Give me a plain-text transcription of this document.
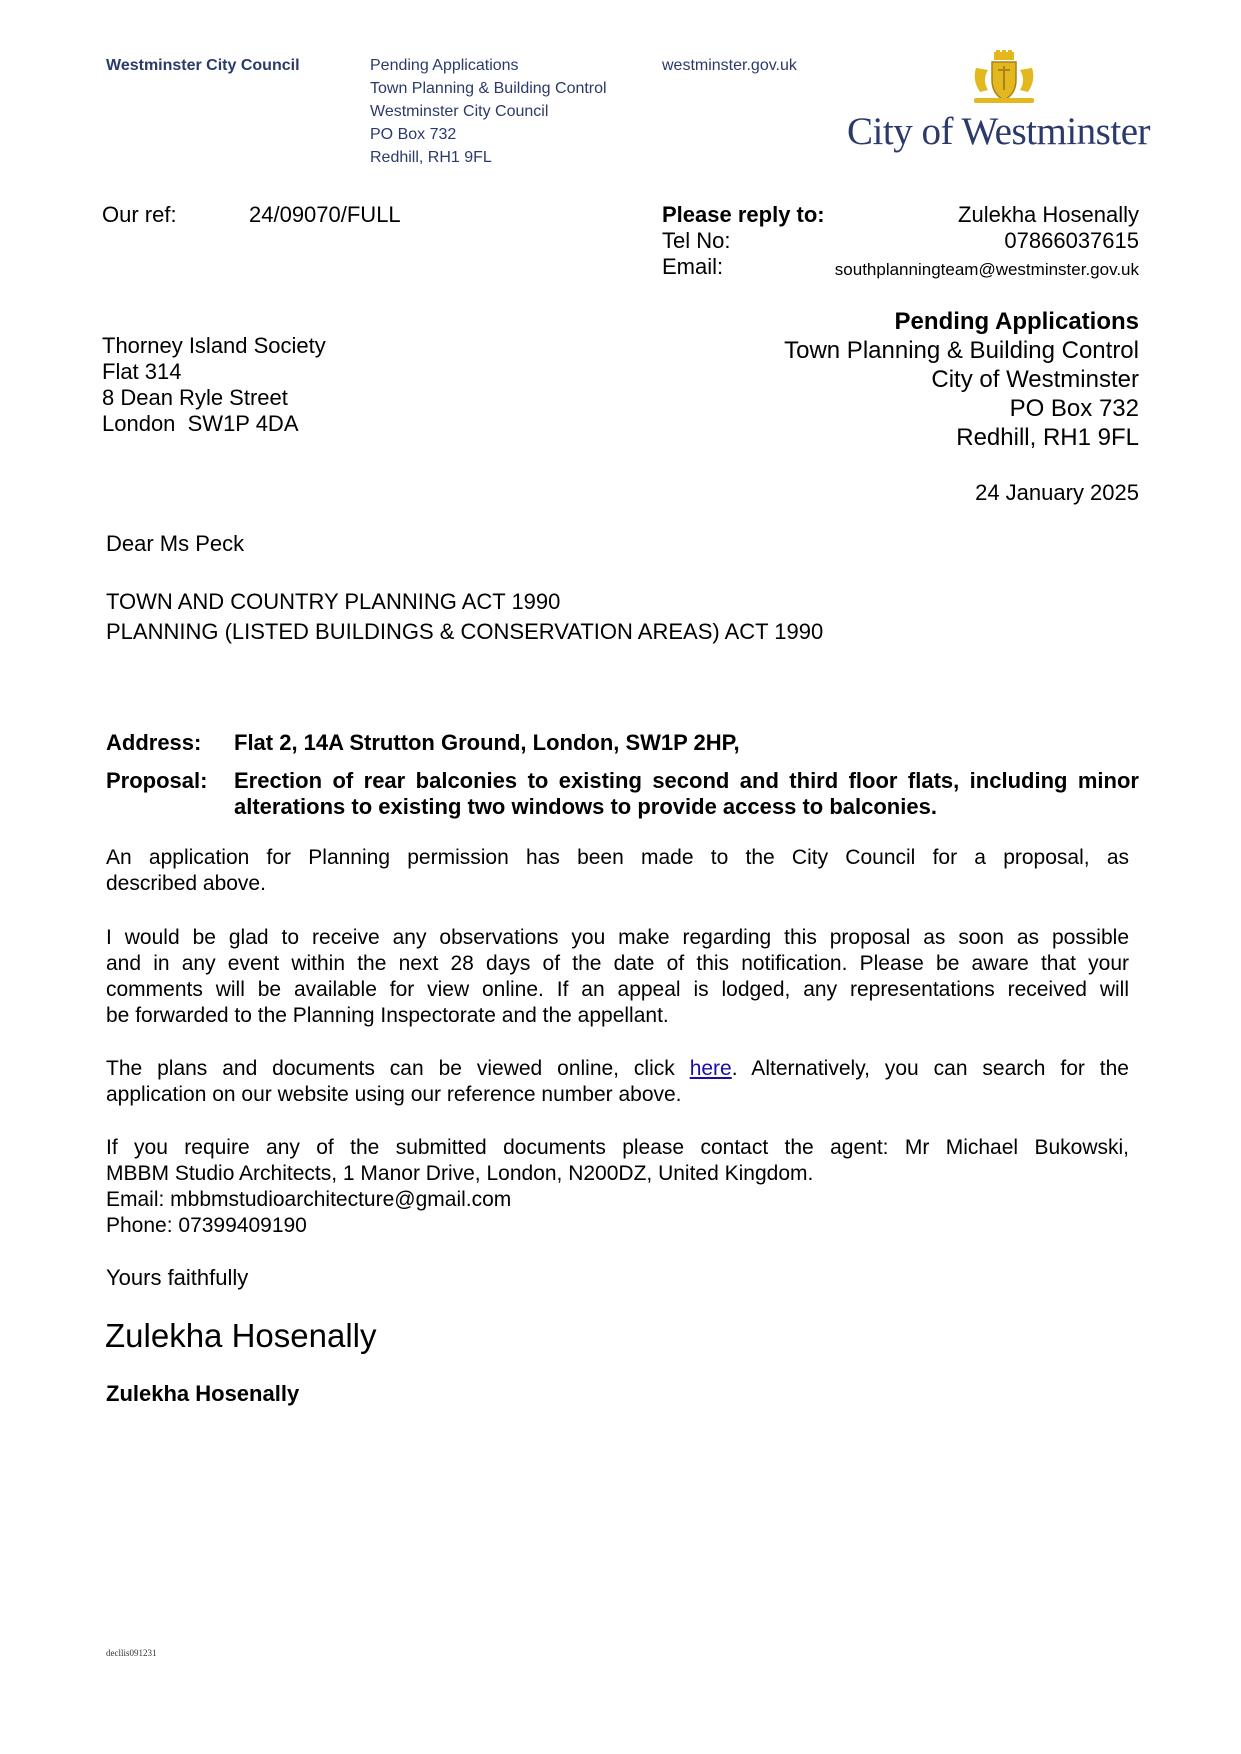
Westminster City Council	Pending Applications
Town Planning & Building Control
Westminster City Council
PO Box 732
Redhill, RH1 9FL
westminster.gov.uk
City of Westminster
Our ref:	24/09070/FULL	Please reply to:	Zulekha Hosenally
Tel No:	07866037615
Email:	southplanningteam@westminster.gov.uk
Thorney Island Society
Flat 314
8 Dean Ryle Street
London  SW1P 4DA
Pending Applications
Town Planning & Building Control
City of Westminster
PO Box 732
Redhill, RH1 9FL
24 January 2025
Dear Ms Peck
TOWN AND COUNTRY PLANNING ACT 1990
PLANNING (LISTED BUILDINGS & CONSERVATION AREAS) ACT 1990
Address: Flat 2, 14A Strutton Ground, London, SW1P 2HP,
Proposal: Erection of rear balconies to existing second and third floor flats, including minor
alterations to existing two windows to provide access to balconies.
An application for Planning permission has been made to the City Council for a proposal, as
described above.
I would be glad to receive any observations you make regarding this proposal as soon as possible
and in any event within the next 28 days of the date of this notification. Please be aware that your
comments will be available for view online. If an appeal is lodged, any representations received will
be forwarded to the Planning Inspectorate and the appellant.
The plans and documents can be viewed online, click here. Alternatively, you can search for the
application on our website using our reference number above.
If you require any of the submitted documents please contact the agent: Mr Michael Bukowski,
MBBM Studio Architects, 1 Manor Drive, London, N200DZ, United Kingdom.
Email: mbbmstudioarchitecture@gmail.com
Phone: 07399409190
Yours faithfully
Zulekha Hosenally
Zulekha Hosenally
decllis091231
